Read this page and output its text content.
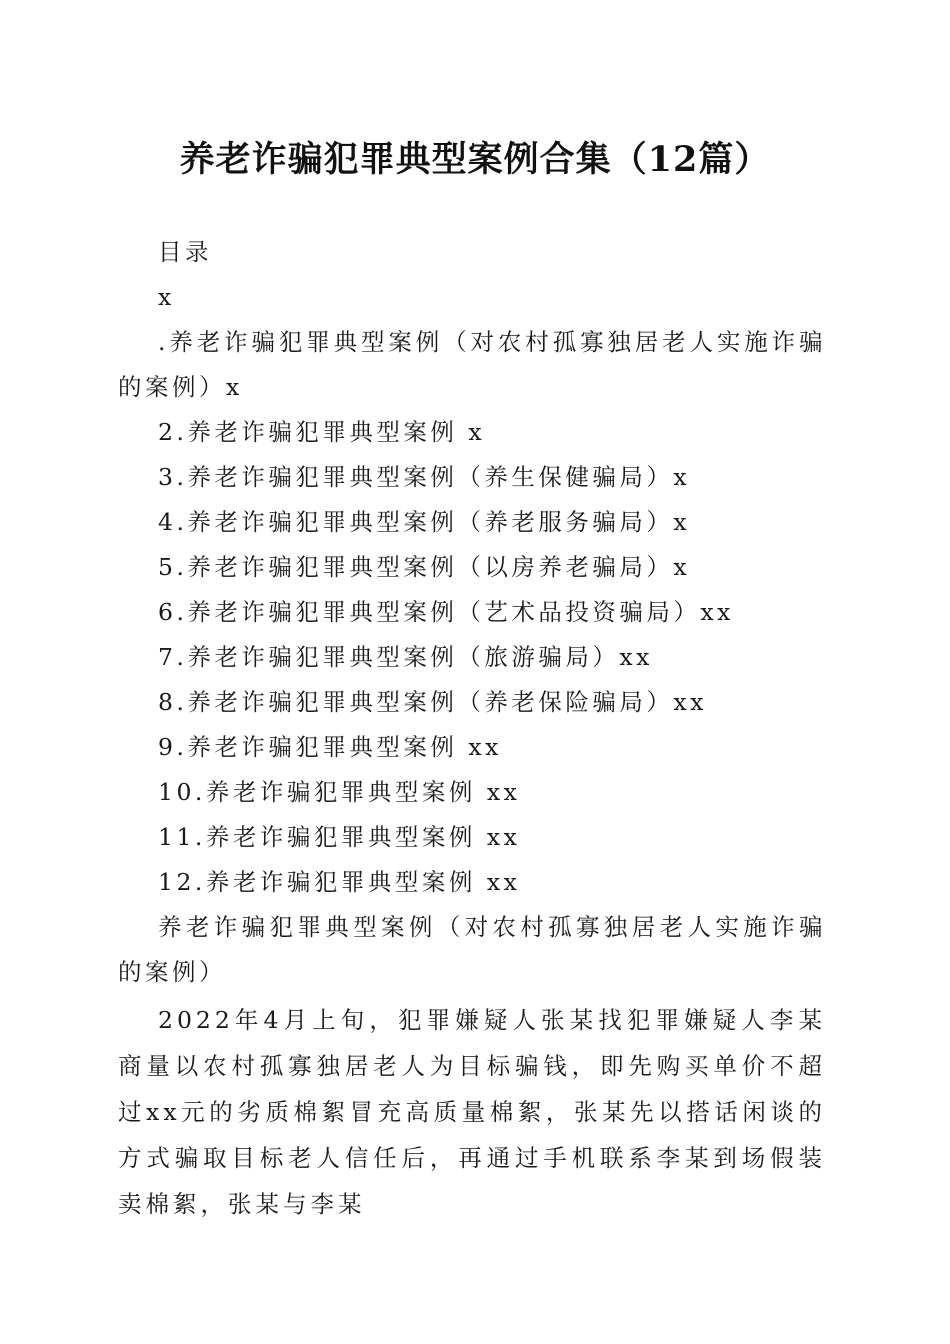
养老诈骗犯罪典型案例合集（12篇）

目录

x

.养老诈骗犯罪典型案例（对农村孤寡独居老人实施诈骗的案例）x

2.养老诈骗犯罪典型案例 x

3.养老诈骗犯罪典型案例（养生保健骗局）x

4.养老诈骗犯罪典型案例（养老服务骗局）x

5.养老诈骗犯罪典型案例（以房养老骗局）x

6.养老诈骗犯罪典型案例（艺术品投资骗局）xx

7.养老诈骗犯罪典型案例（旅游骗局）xx

8.养老诈骗犯罪典型案例（养老保险骗局）xx

9.养老诈骗犯罪典型案例 xx

10.养老诈骗犯罪典型案例 xx

11.养老诈骗犯罪典型案例 xx

12.养老诈骗犯罪典型案例 xx

养老诈骗犯罪典型案例（对农村孤寡独居老人实施诈骗的案例）

2022年4月上旬，犯罪嫌疑人张某找犯罪嫌疑人李某商量以农村孤寡独居老人为目标骗钱，即先购买单价不超过xx元的劣质棉絮冒充高质量棉絮，张某先以搭话闲谈的方式骗取目标老人信任后，再通过手机联系李某到场假装卖棉絮，张某与李某
